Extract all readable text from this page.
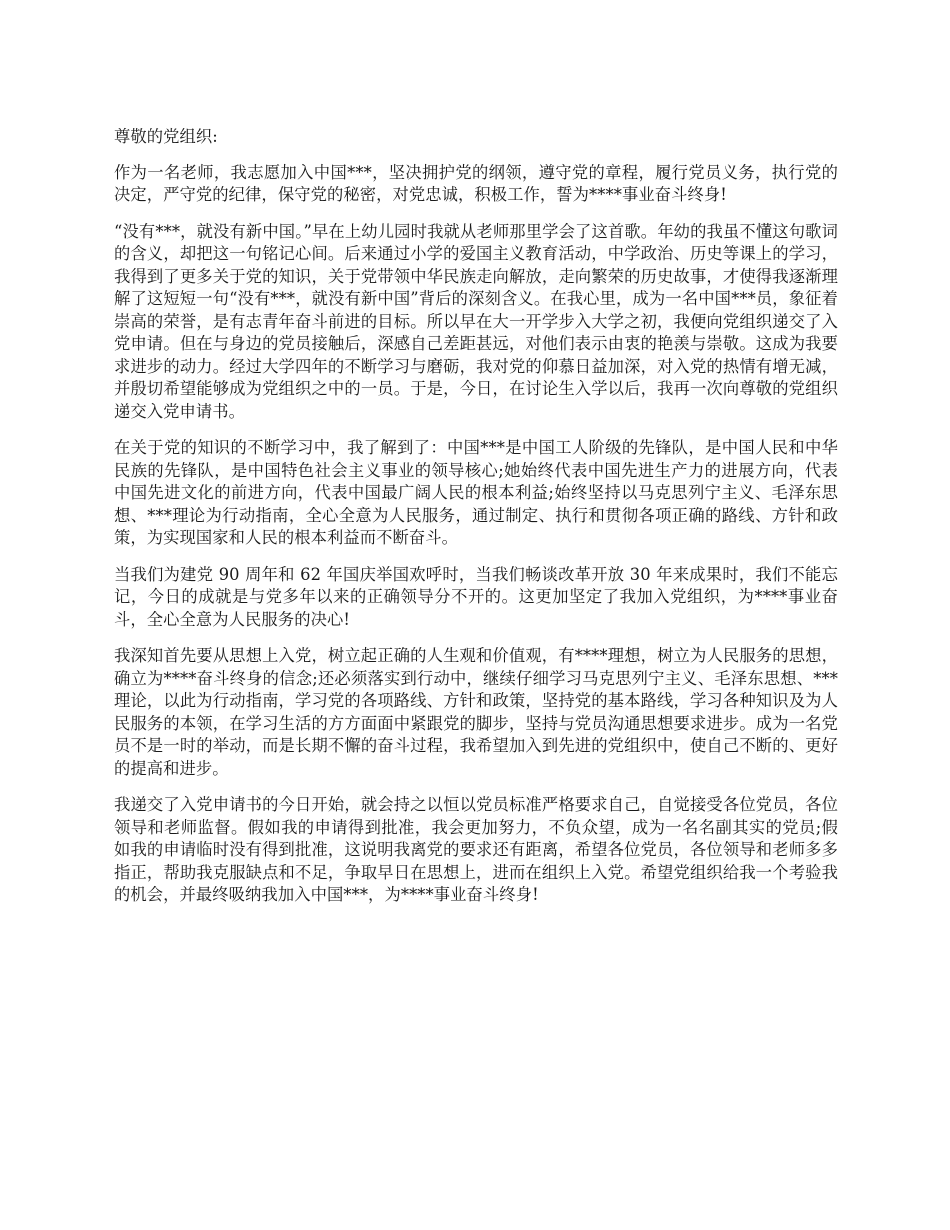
尊敬的党组织:

作为一名老师，我志愿加入中国***，坚决拥护党的纲领，遵守党的章程，履行党员义务，执行党的决定，严守党的纪律，保守党的秘密，对党忠诚，积极工作，誓为****事业奋斗终身!

“没有***，就没有新中国。”早在上幼儿园时我就从老师那里学会了这首歌。年幼的我虽不懂这句歌词的含义，却把这一句铭记心间。后来通过小学的爱国主义教育活动，中学政治、历史等课上的学习，我得到了更多关于党的知识，关于党带领中华民族走向解放，走向繁荣的历史故事，才使得我逐渐理解了这短短一句“没有***，就没有新中国”背后的深刻含义。在我心里，成为一名中国***员，象征着崇高的荣誉，是有志青年奋斗前进的目标。所以早在大一开学步入大学之初，我便向党组织递交了入党申请。但在与身边的党员接触后，深感自己差距甚远，对他们表示由衷的艳羡与崇敬。这成为我要求进步的动力。经过大学四年的不断学习与磨砺，我对党的仰慕日益加深，对入党的热情有增无减，并殷切希望能够成为党组织之中的一员。于是，今日，在讨论生入学以后，我再一次向尊敬的党组织递交入党申请书。

在关于党的知识的不断学习中，我了解到了：中国***是中国工人阶级的先锋队，是中国人民和中华民族的先锋队，是中国特色社会主义事业的领导核心;她始终代表中国先进生产力的进展方向，代表中国先进文化的前进方向，代表中国最广阔人民的根本利益;始终坚持以马克思列宁主义、毛泽东思想、***理论为行动指南，全心全意为人民服务，通过制定、执行和贯彻各项正确的路线、方针和政策，为实现国家和人民的根本利益而不断奋斗。

当我们为建党 90 周年和 62 年国庆举国欢呼时，当我们畅谈改革开放 30 年来成果时，我们不能忘记，今日的成就是与党多年以来的正确领导分不开的。这更加坚定了我加入党组织，为****事业奋斗，全心全意为人民服务的决心!

我深知首先要从思想上入党，树立起正确的人生观和价值观，有****理想，树立为人民服务的思想，确立为****奋斗终身的信念;还必须落实到行动中，继续仔细学习马克思列宁主义、毛泽东思想、***理论，以此为行动指南，学习党的各项路线、方针和政策，坚持党的基本路线，学习各种知识及为人民服务的本领，在学习生活的方方面面中紧跟党的脚步，坚持与党员沟通思想要求进步。成为一名党员不是一时的举动，而是长期不懈的奋斗过程，我希望加入到先进的党组织中，使自己不断的、更好的提高和进步。

我递交了入党申请书的今日开始，就会持之以恒以党员标准严格要求自己，自觉接受各位党员，各位领导和老师监督。假如我的申请得到批准，我会更加努力，不负众望，成为一名名副其实的党员;假如我的申请临时没有得到批准，这说明我离党的要求还有距离，希望各位党员，各位领导和老师多多指正，帮助我克服缺点和不足，争取早日在思想上，进而在组织上入党。希望党组织给我一个考验我的机会，并最终吸纳我加入中国***，为****事业奋斗终身!
